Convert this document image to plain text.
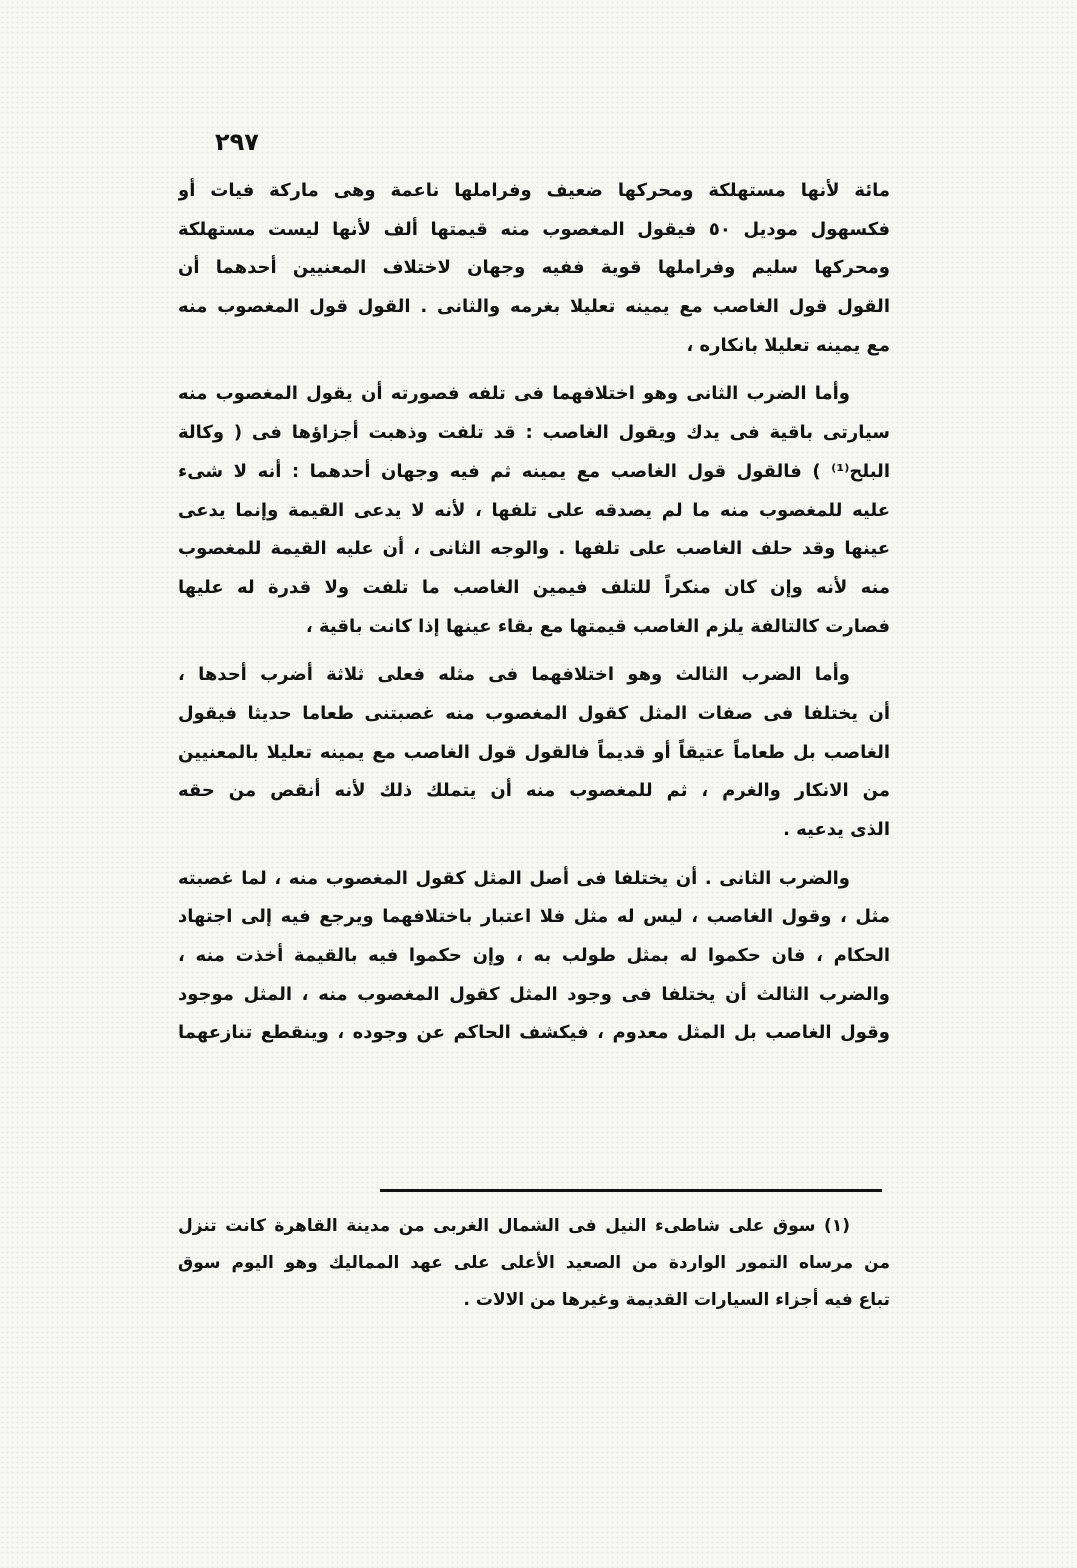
٢٩٧
مائة لأنها مستهلكة ومحركها ضعيف وفراملها ناعمة وهى ماركة فيات أو
فكسهول موديل ٥٠ فيقول المغصوب منه قيمتها ألف لأنها ليست مستهلكة
ومحركها سليم وفراملها قوية ففيه وجهان لاختلاف المعنيين أحدهما أن
القول قول الغاصب مع يمينه تعليلا بغرمه والثانى . القول قول المغصوب منه
مع يمينه تعليلا بانكاره ،
وأما الضرب الثانى وهو اختلافهما فى تلفه فصورته أن يقول المغصوب منه
سيارتى باقية فى يدك ويقول الغاصب : قد تلفت وذهبت أجزاؤها فى ( وكالة
البلح⁽¹⁾ ) فالقول قول الغاصب مع يمينه ثم فيه وجهان أحدهما : أنه لا شىء
عليه للمغصوب منه ما لم يصدقه على تلفها ، لأنه لا يدعى القيمة وإنما يدعى
عينها وقد حلف الغاصب على تلفها . والوجه الثانى ، أن عليه القيمة للمغصوب
منه لأنه وإن كان منكراً للتلف فيمين الغاصب ما تلفت ولا قدرة له عليها
فصارت كالتالفة يلزم الغاصب قيمتها مع بقاء عينها إذا كانت باقية ،
وأما الضرب الثالث وهو اختلافهما فى مثله فعلى ثلاثة أضرب أحدها ،
أن يختلفا فى صفات المثل كقول المغصوب منه غصبتنى طعاما حديثا فيقول
الغاصب بل طعاماً عتيقاً أو قديماً فالقول قول الغاصب مع يمينه تعليلا بالمعنيين
من الانكار والغرم ، ثم للمغصوب منه أن يتملك ذلك لأنه أنقص من حقه
الذى يدعيه .
والضرب الثانى . أن يختلفا فى أصل المثل كقول المغصوب منه ، لما غصبته
مثل ، وقول الغاصب ، ليس له مثل فلا اعتبار باختلافهما ويرجع فيه إلى اجتهاد
الحكام ، فان حكموا له بمثل طولب به ، وإن حكموا فيه بالقيمة أخذت منه ،
والضرب الثالث أن يختلفا فى وجود المثل كقول المغصوب منه ، المثل موجود
وقول الغاصب بل المثل معدوم ، فيكشف الحاكم عن وجوده ، وينقطع تنازعهما
(١) سوق على شاطىء النيل فى الشمال الغربى من مدينة القاهرة كانت تنزل
من مرساه التمور الواردة من الصعيد الأعلى على عهد المماليك وهو اليوم سوق
تباع فيه أجزاء السيارات القديمة وغيرها من الالات .
